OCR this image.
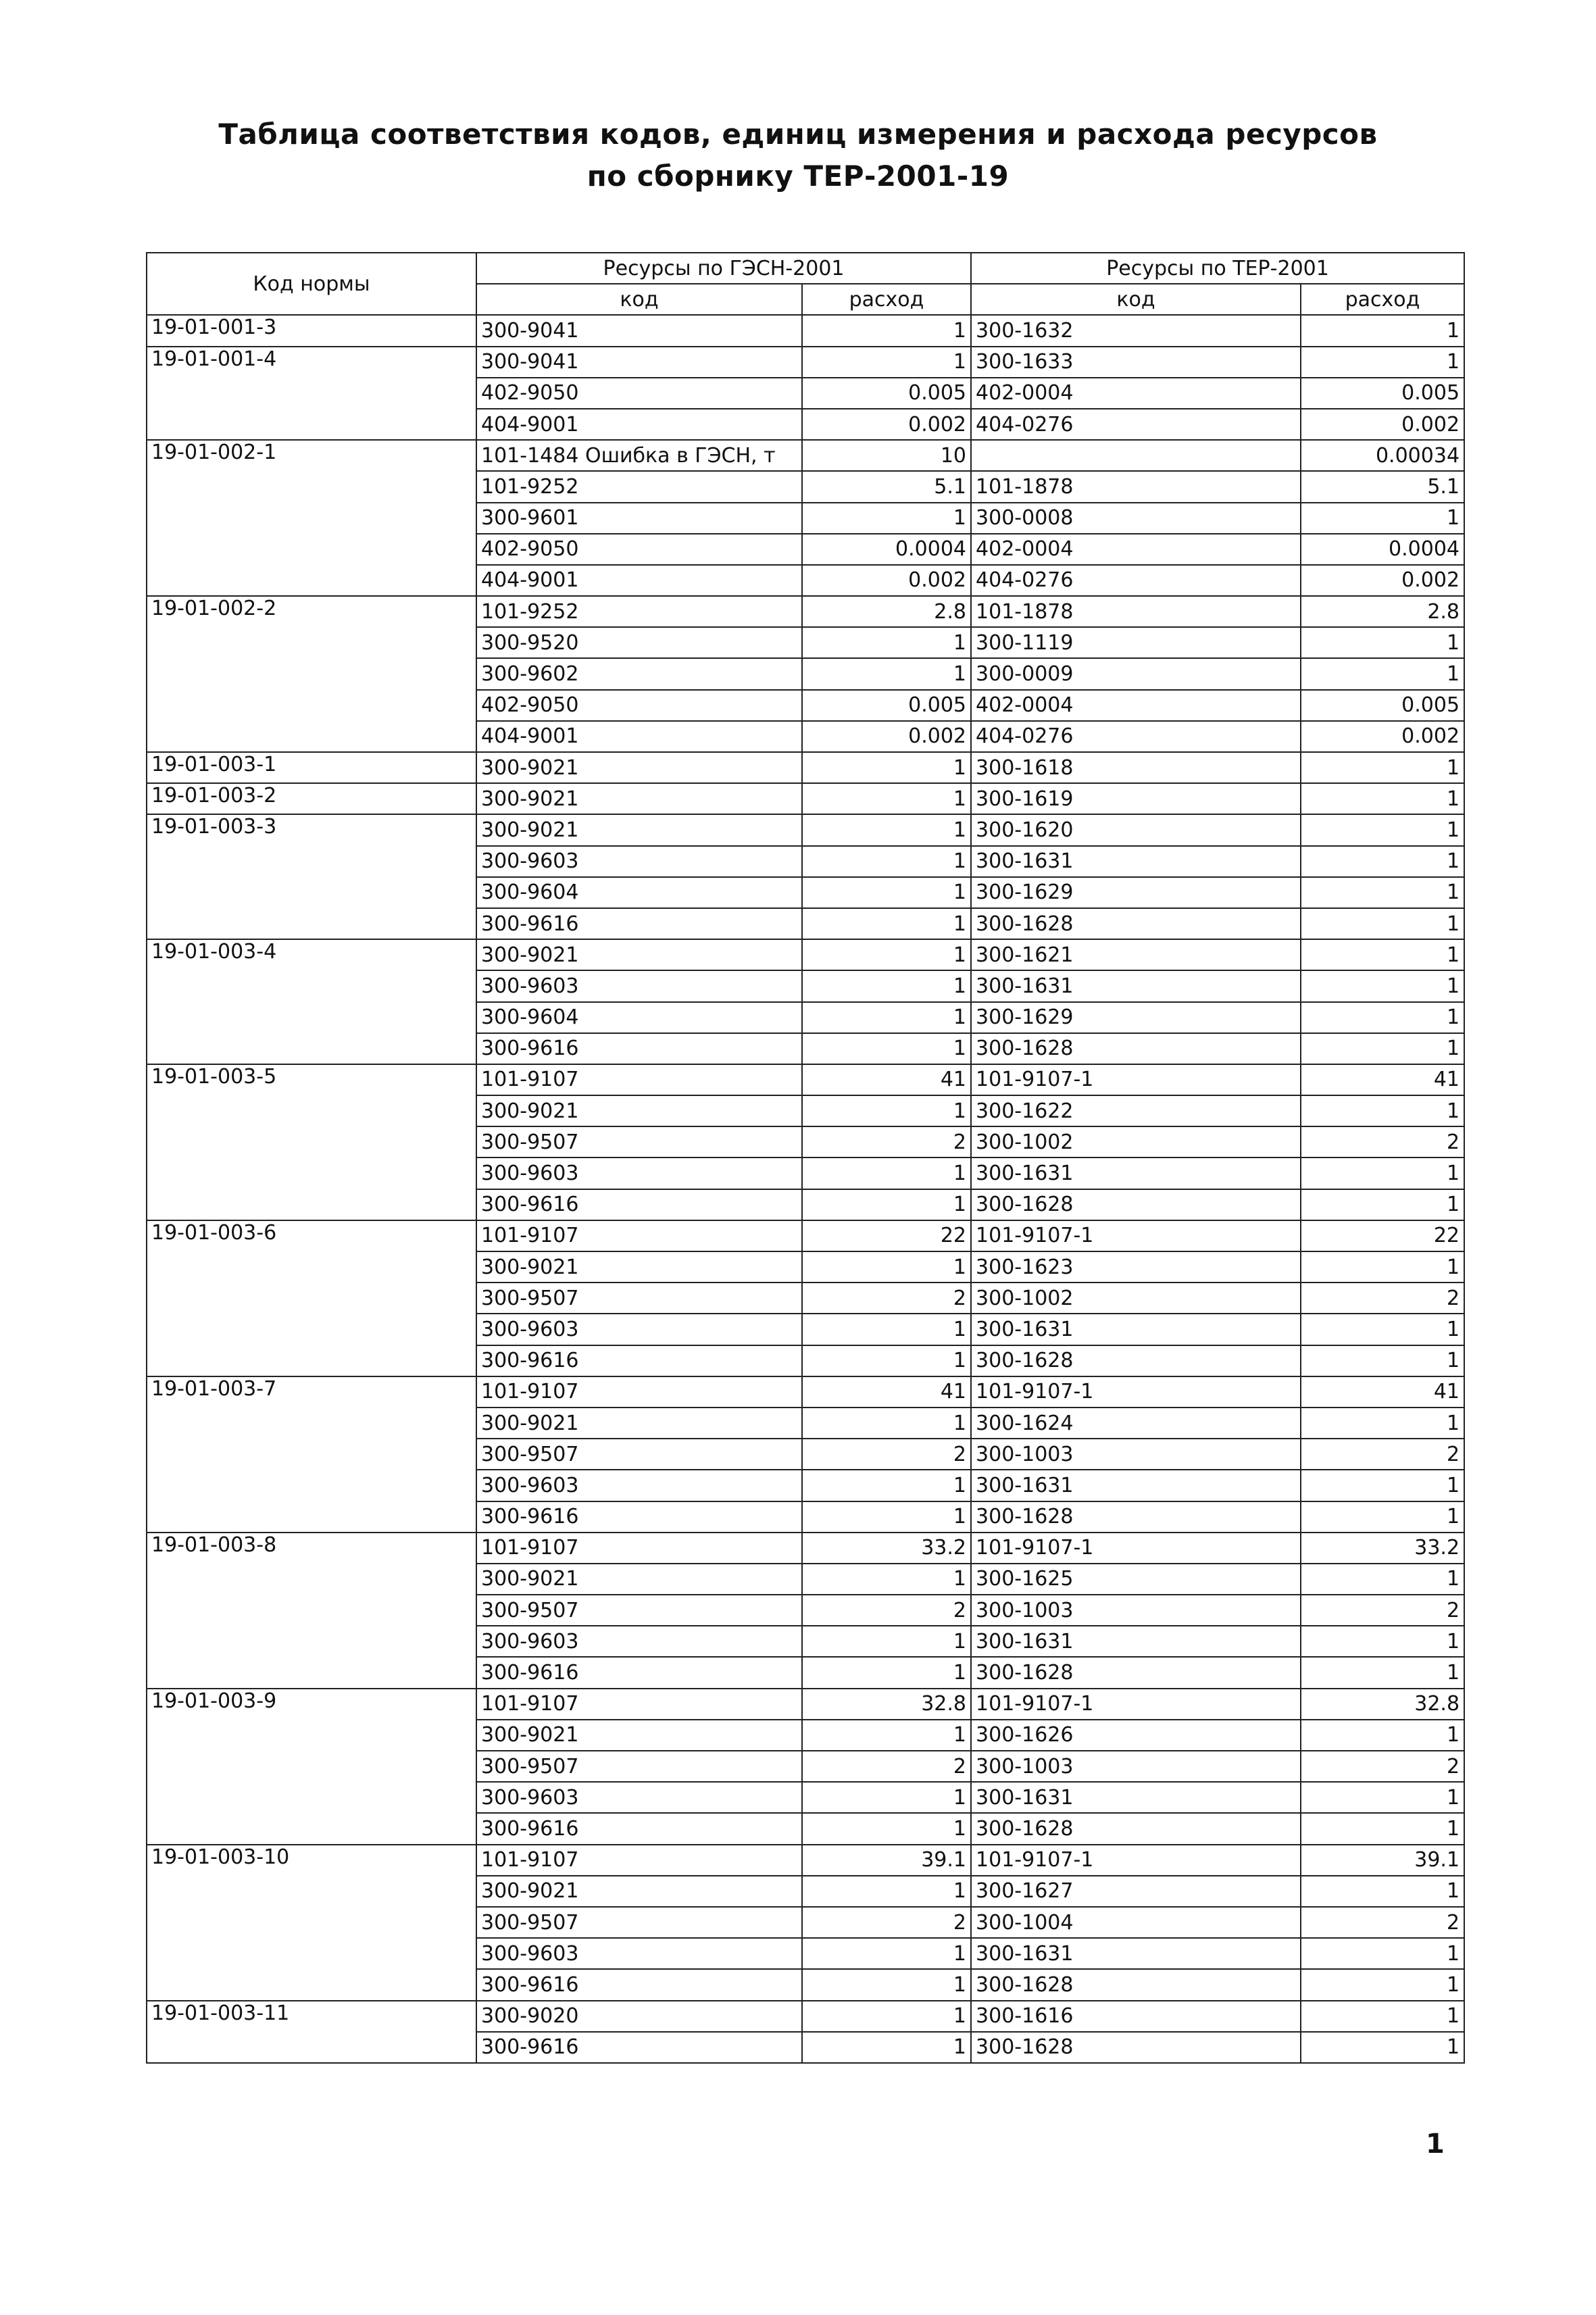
Таблица соответствия кодов, единиц измерения и расхода ресурсов
по сборнику ТЕР-2001-19
Код нормы	Ресурсы по ГЭСН-2001		Ресурсы по ТЕР-2001	
	код	расход	код	расход
19-01-001-3	300-9041	1	300-1632	1
19-01-001-4	300-9041	1	300-1633	1
	402-9050	0.005	402-0004	0.005
	404-9001	0.002	404-0276	0.002
19-01-002-1	101-1484 Ошибка в ГЭСН, т	10		0.00034
	101-9252	5.1	101-1878	5.1
	300-9601	1	300-0008	1
	402-9050	0.0004	402-0004	0.0004
	404-9001	0.002	404-0276	0.002
19-01-002-2	101-9252	2.8	101-1878	2.8
	300-9520	1	300-1119	1
	300-9602	1	300-0009	1
	402-9050	0.005	402-0004	0.005
	404-9001	0.002	404-0276	0.002
19-01-003-1	300-9021	1	300-1618	1
19-01-003-2	300-9021	1	300-1619	1
19-01-003-3	300-9021	1	300-1620	1
	300-9603	1	300-1631	1
	300-9604	1	300-1629	1
	300-9616	1	300-1628	1
19-01-003-4	300-9021	1	300-1621	1
	300-9603	1	300-1631	1
	300-9604	1	300-1629	1
	300-9616	1	300-1628	1
19-01-003-5	101-9107	41	101-9107-1	41
	300-9021	1	300-1622	1
	300-9507	2	300-1002	2
	300-9603	1	300-1631	1
	300-9616	1	300-1628	1
19-01-003-6	101-9107	22	101-9107-1	22
	300-9021	1	300-1623	1
	300-9507	2	300-1002	2
	300-9603	1	300-1631	1
	300-9616	1	300-1628	1
19-01-003-7	101-9107	41	101-9107-1	41
	300-9021	1	300-1624	1
	300-9507	2	300-1003	2
	300-9603	1	300-1631	1
	300-9616	1	300-1628	1
19-01-003-8	101-9107	33.2	101-9107-1	33.2
	300-9021	1	300-1625	1
	300-9507	2	300-1003	2
	300-9603	1	300-1631	1
	300-9616	1	300-1628	1
19-01-003-9	101-9107	32.8	101-9107-1	32.8
	300-9021	1	300-1626	1
	300-9507	2	300-1003	2
	300-9603	1	300-1631	1
	300-9616	1	300-1628	1
19-01-003-10	101-9107	39.1	101-9107-1	39.1
	300-9021	1	300-1627	1
	300-9507	2	300-1004	2
	300-9603	1	300-1631	1
	300-9616	1	300-1628	1
19-01-003-11	300-9020	1	300-1616	1
	300-9616	1	300-1628	1
1
